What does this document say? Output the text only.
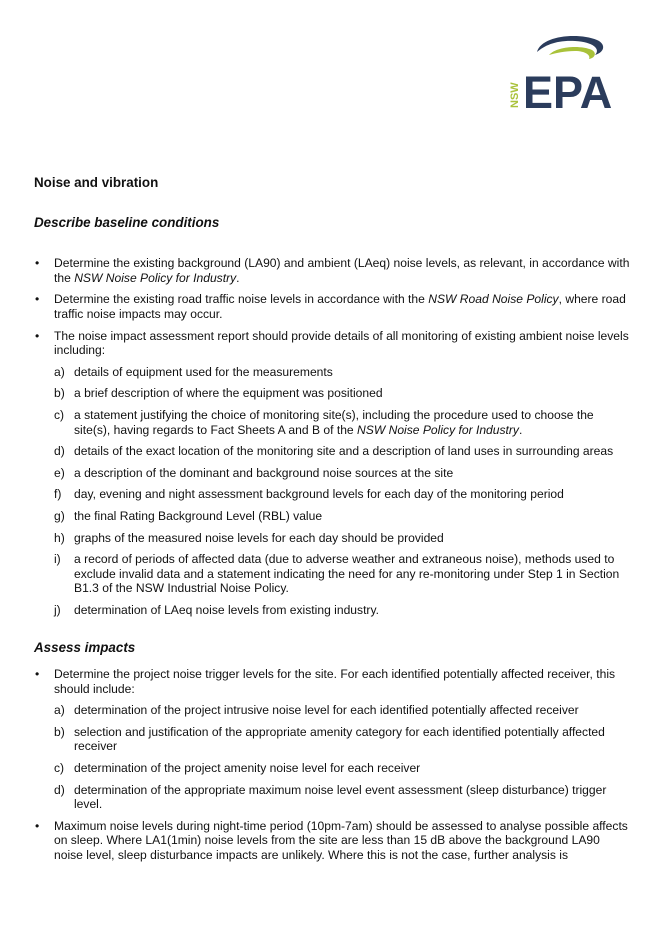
NSW EPA
Noise and vibration
Describe baseline conditions
• Determine the existing background (LA90) and ambient (LAeq) noise levels, as relevant, in accordance with the NSW Noise Policy for Industry.
• Determine the existing road traffic noise levels in accordance with the NSW Road Noise Policy, where road traffic noise impacts may occur.
• The noise impact assessment report should provide details of all monitoring of existing ambient noise levels including:
a) details of equipment used for the measurements
b) a brief description of where the equipment was positioned
c) a statement justifying the choice of monitoring site(s), including the procedure used to choose the site(s), having regards to Fact Sheets A and B of the NSW Noise Policy for Industry.
d) details of the exact location of the monitoring site and a description of land uses in surrounding areas
e) a description of the dominant and background noise sources at the site
f) day, evening and night assessment background levels for each day of the monitoring period
g) the final Rating Background Level (RBL) value
h) graphs of the measured noise levels for each day should be provided
i) a record of periods of affected data (due to adverse weather and extraneous noise), methods used to exclude invalid data and a statement indicating the need for any re-monitoring under Step 1 in Section B1.3 of the NSW Industrial Noise Policy.
j) determination of LAeq noise levels from existing industry.
Assess impacts
• Determine the project noise trigger levels for the site. For each identified potentially affected receiver, this should include:
a) determination of the project intrusive noise level for each identified potentially affected receiver
b) selection and justification of the appropriate amenity category for each identified potentially affected receiver
c) determination of the project amenity noise level for each receiver
d) determination of the appropriate maximum noise level event assessment (sleep disturbance) trigger level.
• Maximum noise levels during night-time period (10pm-7am) should be assessed to analyse possible affects on sleep. Where LA1(1min) noise levels from the site are less than 15 dB above the background LA90 noise level, sleep disturbance impacts are unlikely. Where this is not the case, further analysis is
